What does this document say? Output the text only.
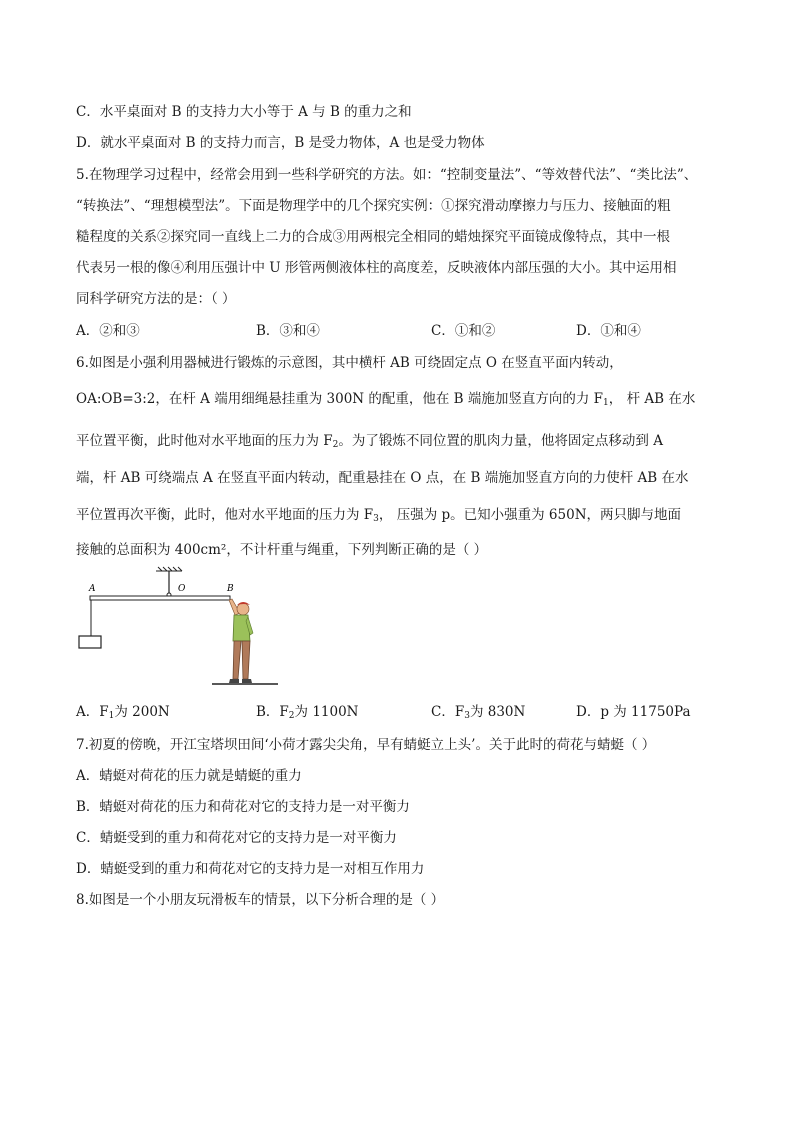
C．水平桌面对 B 的支持力大小等于 A 与 B 的重力之和
D．就水平桌面对 B 的支持力而言，B 是受力物体，A 也是受力物体
5.在物理学习过程中，经常会用到一些科学研究的方法。如：“控制变量法”、“等效替代法”、“类比法”、
“转换法”、“理想模型法”。下面是物理学中的几个探究实例：①探究滑动摩擦力与压力、接触面的粗
糙程度的关系②探究同一直线上二力的合成③用两根完全相同的蜡烛探究平面镜成像特点，其中一根
代表另一根的像④利用压强计中 U 形管两侧液体柱的高度差，反映液体内部压强的大小。其中运用相
同科学研究方法的是：（ ）
A．②和③	B．③和④	C．①和②	D．①和④
6.如图是小强利用器械进行锻炼的示意图，其中横杆 AB 可绕固定点 O 在竖直平面内转动，
OA:OB=3:2，在杆 A 端用细绳悬挂重为 300N 的配重，他在 B 端施加竖直方向的力 $F_1$， 杆 AB 在水
平位置平衡，此时他对水平地面的压力为 $F_2$。为了锻炼不同位置的肌肉力量，他将固定点移动到 A
端，杆 AB 可绕端点 A 在竖直平面内转动，配重悬挂在 O 点，在 B 端施加竖直方向的力使杆 AB 在水
平位置再次平衡，此时，他对水平地面的压力为 $F_3$， 压强为 p。已知小强重为 650N，两只脚与地面
接触的总面积为 400cm²，不计杆重与绳重，下列判断正确的是（ ）
A	O	B
A．$F_1$为 200N	B．$F_2$为 1100N	C．$F_3$为 830N	D．p 为 11750Pa
7.初夏的傍晚，开江宝塔坝田间‘小荷才露尖尖角，早有蜻蜓立上头’。关于此时的荷花与蜻蜓（ ）
A．蜻蜓对荷花的压力就是蜻蜓的重力
B．蜻蜓对荷花的压力和荷花对它的支持力是一对平衡力
C．蜻蜓受到的重力和荷花对它的支持力是一对平衡力
D．蜻蜓受到的重力和荷花对它的支持力是一对相互作用力
8.如图是一个小朋友玩滑板车的情景，以下分析合理的是（ ）
